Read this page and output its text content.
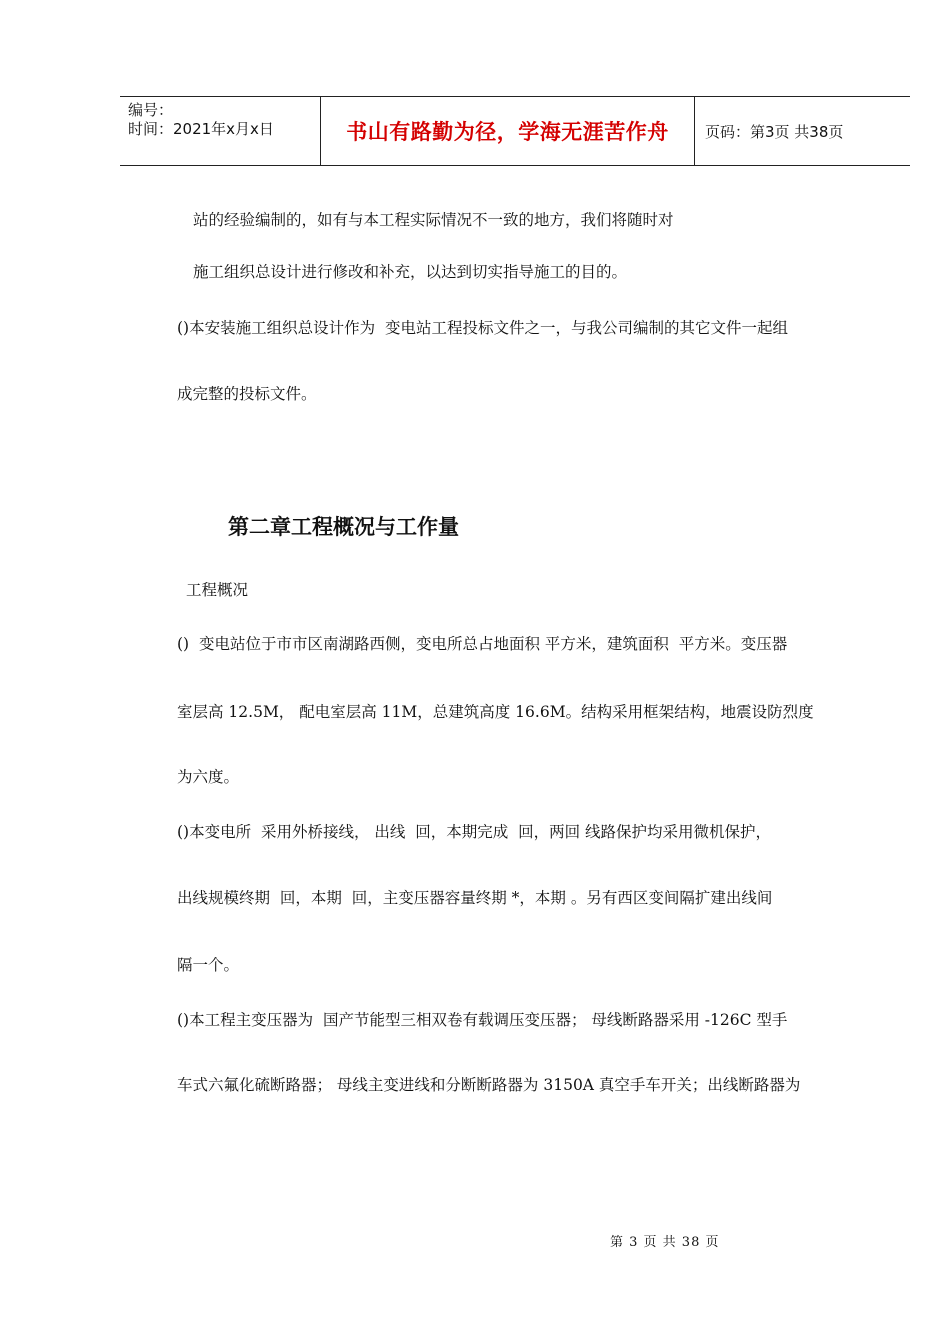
编号：
时间：2021年x月x日	书山有路勤为径，学海无涯苦作舟	页码：第3页 共38页
站的经验编制的，如有与本工程实际情况不一致的地方，我们将随时对
施工组织总设计进行修改和补充，以达到切实指导施工的目的。
()本安装施工组织总设计作为  变电站工程投标文件之一，与我公司编制的其它文件一起组
成完整的投标文件。
第二章工程概况与工作量
工程概况
()  变电站位于市市区南湖路西侧，变电所总占地面积 平方米，建筑面积  平方米。变压器
室层高 12.5M， 配电室层高 11M，总建筑高度 16.6M。结构采用框架结构，地震设防烈度
为六度。
()本变电所  采用外桥接线， 出线  回，本期完成  回，两回 线路保护均采用微机保护，
出线规模终期  回，本期  回，主变压器容量终期 *，本期 。另有西区变间隔扩建出线间
隔一个。
()本工程主变压器为  国产节能型三相双卷有载调压变压器； 母线断路器采用 -126C 型手
车式六氟化硫断路器； 母线主变进线和分断断路器为 3150A 真空手车开关；出线断路器为
第 3 页 共 38 页
